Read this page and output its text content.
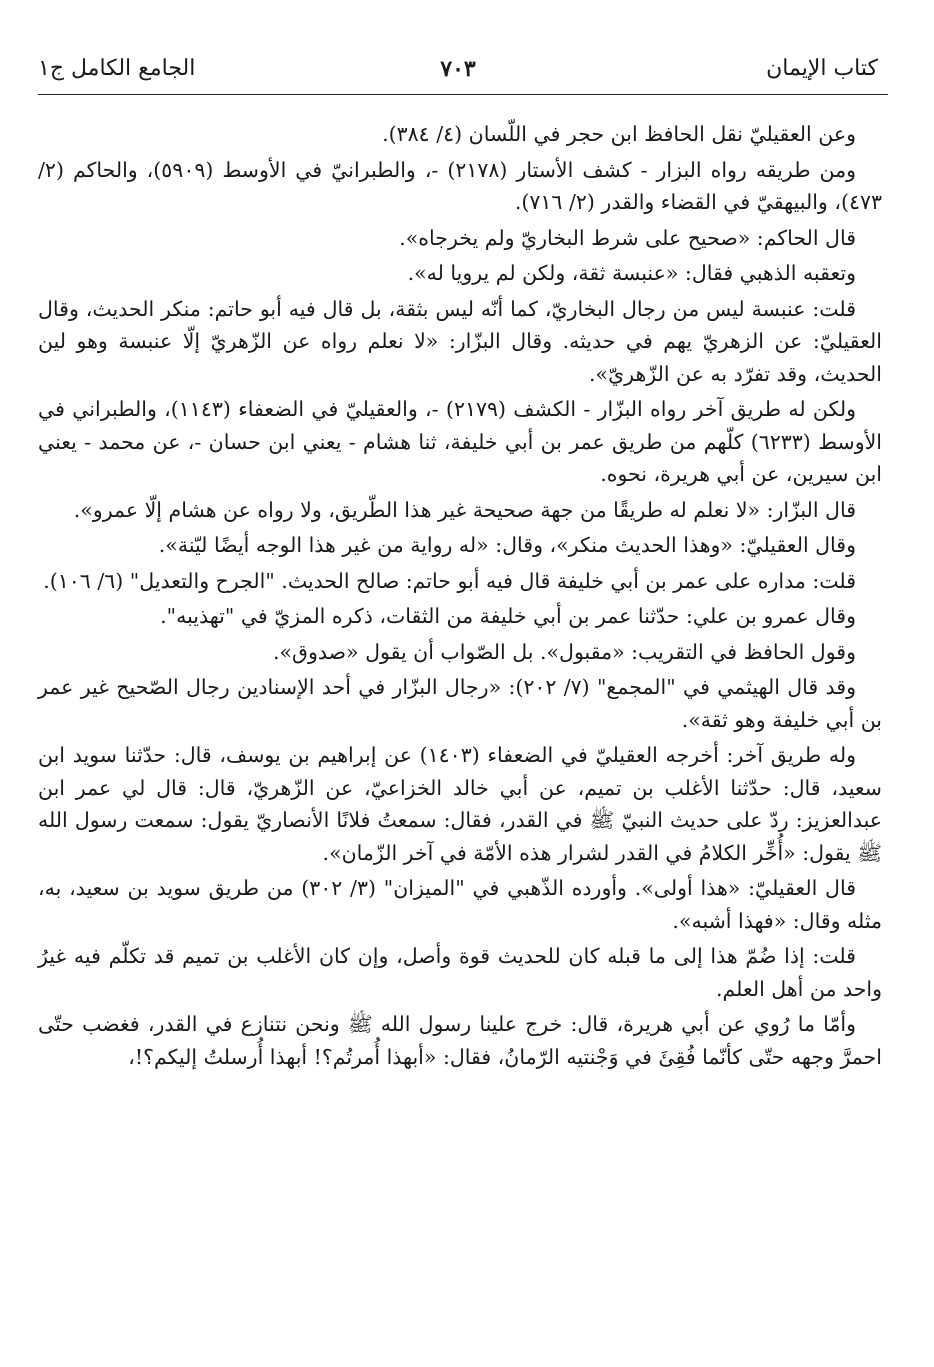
كتاب الإيمان
٧٠٣
الجامع الكامل ج١

وعن العقيليّ نقل الحافظ ابن حجر في اللّسان (٤/ ٣٨٤).

ومن طريقه رواه البزار - كشف الأستار (٢١٧٨) -، والطبرانيّ في الأوسط (٥٩٠٩)، والحاكم (٢/ ٤٧٣)، والبيهقيّ في القضاء والقدر (٢/ ٧١٦).

قال الحاكم: «صحيح على شرط البخاريّ ولم يخرجاه».

وتعقبه الذهبي فقال: «عنبسة ثقة، ولكن لم يرويا له».

قلت: عنبسة ليس من رجال البخاريّ، كما أنّه ليس بثقة، بل قال فيه أبو حاتم: منكر الحديث، وقال العقيليّ: عن الزهريّ يهم في حديثه. وقال البزّار: «لا نعلم رواه عن الزّهريّ إلّا عنبسة وهو لين الحديث، وقد تفرّد به عن الزّهريّ».

ولكن له طريق آخر رواه البزّار - الكشف (٢١٧٩) -، والعقيليّ في الضعفاء (١١٤٣)، والطبراني في الأوسط (٦٢٣٣) كلّهم من طريق عمر بن أبي خليفة، ثنا هشام - يعني ابن حسان -، عن محمد - يعني ابن سيرين، عن أبي هريرة، نحوه.

قال البزّار: «لا نعلم له طريقًا من جهة صحيحة غير هذا الطّريق، ولا رواه عن هشام إلّا عمرو».

وقال العقيليّ: «وهذا الحديث منكر»، وقال: «له رواية من غير هذا الوجه أيضًا ليّنة».

قلت: مداره على عمر بن أبي خليفة قال فيه أبو حاتم: صالح الحديث. "الجرح والتعديل" (٦/ ١٠٦).

وقال عمرو بن علي: حدّثنا عمر بن أبي خليفة من الثقات، ذكره المزيّ في "تهذيبه".

وقول الحافظ في التقريب: «مقبول». بل الصّواب أن يقول «صدوق».

وقد قال الهيثمي في "المجمع" (٧/ ٢٠٢): «رجال البزّار في أحد الإسنادين رجال الصّحيح غير عمر بن أبي خليفة وهو ثقة».

وله طريق آخر: أخرجه العقيليّ في الضعفاء (١٤٠٣) عن إبراهيم بن يوسف، قال: حدّثنا سويد ابن سعيد، قال: حدّثنا الأغلب بن تميم، عن أبي خالد الخزاعيّ، عن الزّهريّ، قال: قال لي عمر ابن عبدالعزيز: ردّ على حديث النبيّ ﷺ في القدر، فقال: سمعتُ فلانًا الأنصاريّ يقول: سمعت رسول الله ﷺ يقول: «أُخِّر الكلامُ في القدر لشرار هذه الأمّة في آخر الزّمان».

قال العقيليّ: «هذا أولى». وأورده الذّهبي في "الميزان" (٣/ ٣٠٢) من طريق سويد بن سعيد، به، مثله وقال: «فهذا أشبه».

قلت: إذا ضُمّ هذا إلى ما قبله كان للحديث قوة وأصل، وإن كان الأغلب بن تميم قد تكلّم فيه غيرُ واحد من أهل العلم.

وأمّا ما رُوي عن أبي هريرة، قال: خرج علينا رسول الله ﷺ ونحن نتنازع في القدر، فغضب حتّى احمرَّ وجهه حتّى كأنّما فُقِئَ في وَجْنتيه الرّمانُ، فقال: «أبهذا أُمرتُم؟! أبهذا أُرسلتُ إليكم؟!،
